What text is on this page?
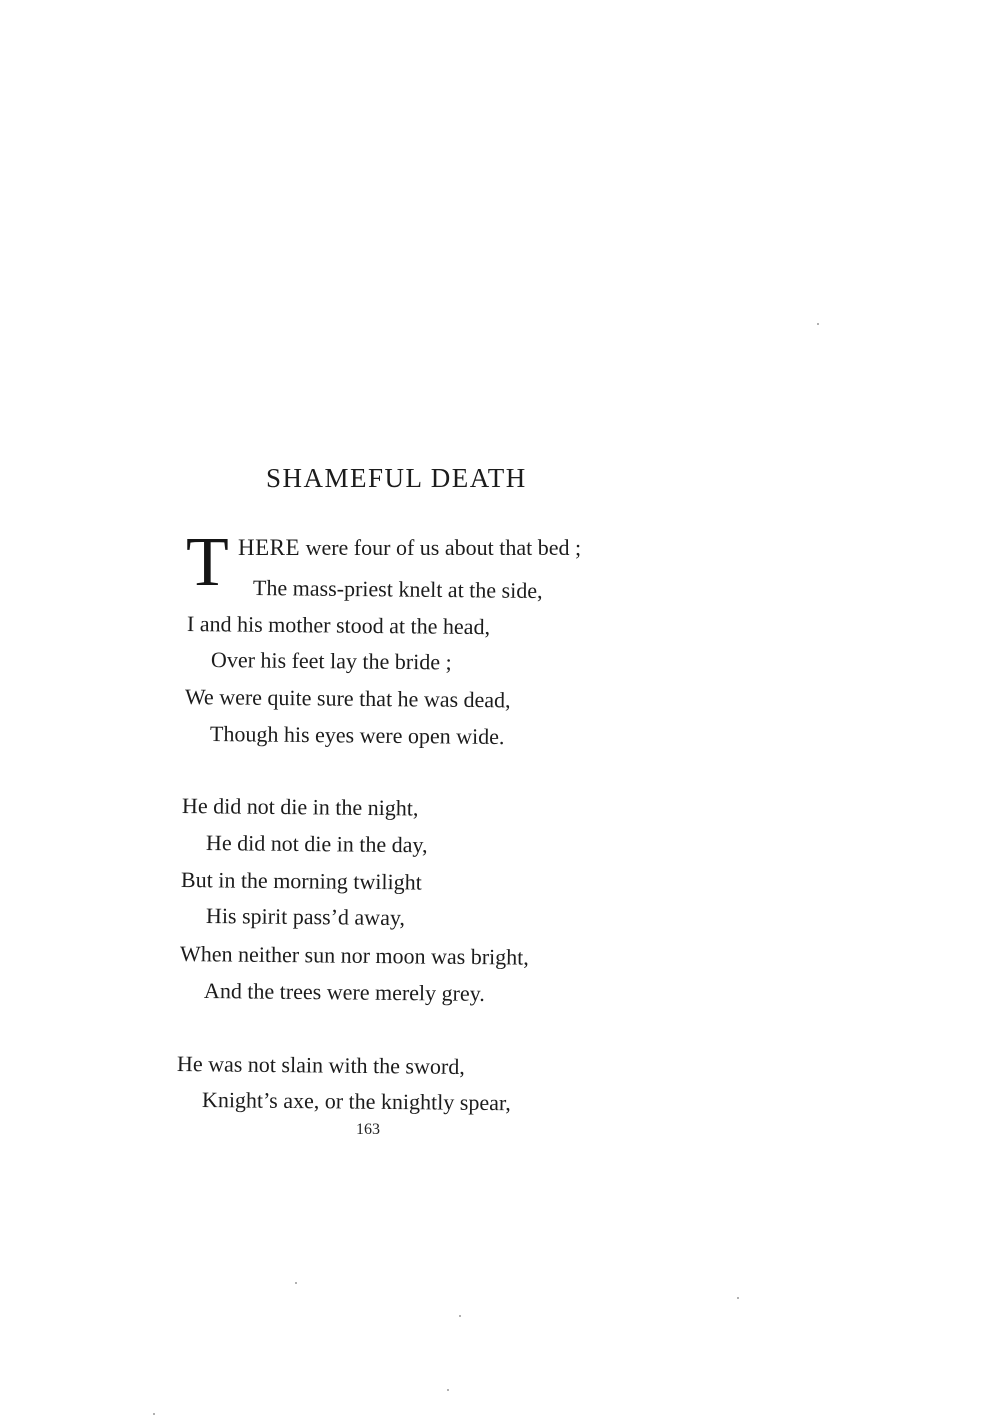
SHAMEFUL DEATH
T HERE were four of us about that bed ;
The mass-priest knelt at the side,
I and his mother stood at the head,
Over his feet lay the bride ;
We were quite sure that he was dead,
Though his eyes were open wide.
He did not die in the night,
He did not die in the day,
But in the morning twilight
His spirit pass’d away,
When neither sun nor moon was bright,
And the trees were merely grey.
He was not slain with the sword,
Knight’s axe, or the knightly spear,
163
